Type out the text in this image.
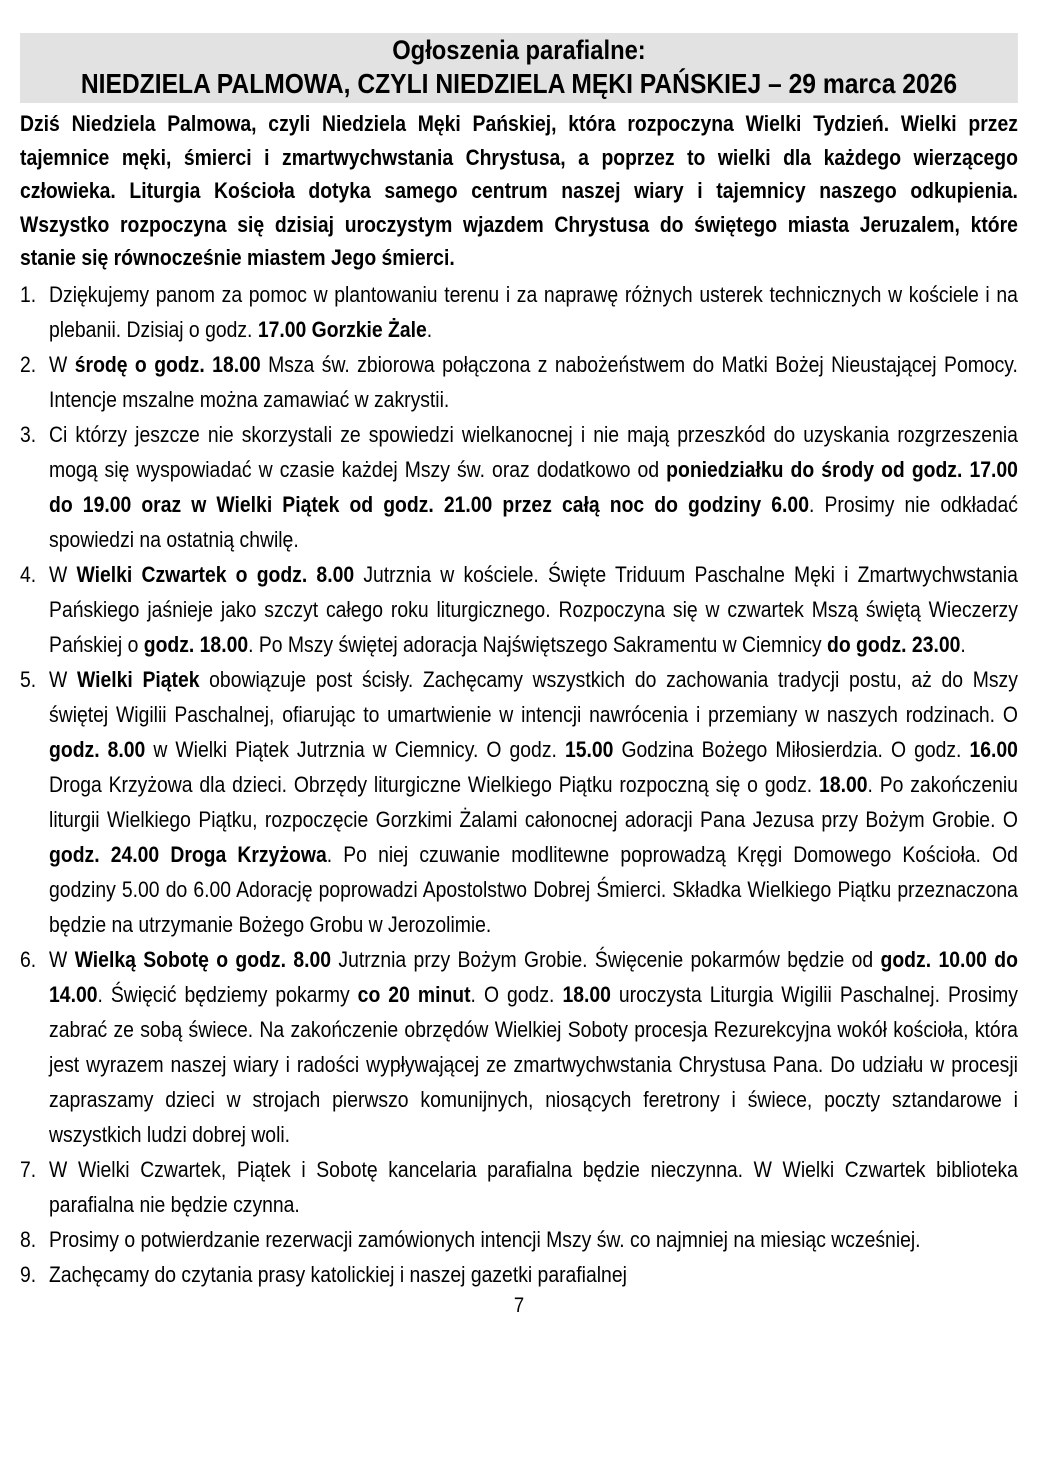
Ogłoszenia parafialne:
NIEDZIELA PALMOWA, CZYLI NIEDZIELA MĘKI PAŃSKIEJ – 29 marca 2026

Dziś Niedziela Palmowa, czyli Niedziela Męki Pańskiej, która rozpoczyna Wielki Tydzień. Wielki przez tajemnice męki, śmierci i zmartwychwstania Chrystusa, a poprzez to wielki dla każdego wierzącego człowieka. Liturgia Kościoła dotyka samego centrum naszej wiary i tajemnicy naszego odkupienia. Wszystko rozpoczyna się dzisiaj uroczystym wjazdem Chrystusa do świętego miasta Jeruzalem, które stanie się równocześnie miastem Jego śmierci.

1. Dziękujemy panom za pomoc w plantowaniu terenu i za naprawę różnych usterek technicznych w kościele i na plebanii. Dzisiaj o godz. 17.00 Gorzkie Żale.
2. W środę o godz. 18.00 Msza św. zbiorowa połączona z nabożeństwem do Matki Bożej Nieustającej Pomocy. Intencje mszalne można zamawiać w zakrystii.
3. Ci którzy jeszcze nie skorzystali ze spowiedzi wielkanocnej i nie mają przeszkód do uzyskania rozgrzeszenia mogą się wyspowiadać w czasie każdej Mszy św. oraz dodatkowo od poniedziałku do środy od godz. 17.00 do 19.00 oraz w Wielki Piątek od godz. 21.00 przez całą noc do godziny 6.00. Prosimy nie odkładać spowiedzi na ostatnią chwilę.
4. W Wielki Czwartek o godz. 8.00 Jutrznia w kościele. Święte Triduum Paschalne Męki i Zmartwychwstania Pańskiego jaśnieje jako szczyt całego roku liturgicznego. Rozpoczyna się w czwartek Mszą świętą Wieczerzy Pańskiej o godz. 18.00. Po Mszy świętej adoracja Najświętszego Sakramentu w Ciemnicy do godz. 23.00.
5. W Wielki Piątek obowiązuje post ścisły. Zachęcamy wszystkich do zachowania tradycji postu, aż do Mszy świętej Wigilii Paschalnej, ofiarując to umartwienie w intencji nawrócenia i przemiany w naszych rodzinach. O godz. 8.00 w Wielki Piątek Jutrznia w Ciemnicy. O godz. 15.00 Godzina Bożego Miłosierdzia. O godz. 16.00 Droga Krzyżowa dla dzieci. Obrzędy liturgiczne Wielkiego Piątku rozpoczną się o godz. 18.00. Po zakończeniu liturgii Wielkiego Piątku, rozpoczęcie Gorzkimi Żalami całonocnej adoracji Pana Jezusa przy Bożym Grobie. O godz. 24.00 Droga Krzyżowa. Po niej czuwanie modlitewne poprowadzą Kręgi Domowego Kościoła. Od godziny 5.00 do 6.00 Adorację poprowadzi Apostolstwo Dobrej Śmierci. Składka Wielkiego Piątku przeznaczona będzie na utrzymanie Bożego Grobu w Jerozolimie.
6. W Wielką Sobotę o godz. 8.00 Jutrznia przy Bożym Grobie. Święcenie pokarmów będzie od godz. 10.00 do 14.00. Święcić będziemy pokarmy co 20 minut. O godz. 18.00 uroczysta Liturgia Wigilii Paschalnej. Prosimy zabrać ze sobą świece. Na zakończenie obrzędów Wielkiej Soboty procesja Rezurekcyjna wokół kościoła, która jest wyrazem naszej wiary i radości wypływającej ze zmartwychwstania Chrystusa Pana. Do udziału w procesji zapraszamy dzieci w strojach pierwszo komunijnych, niosących feretrony i świece, poczty sztandarowe i wszystkich ludzi dobrej woli.
7. W Wielki Czwartek, Piątek i Sobotę kancelaria parafialna będzie nieczynna. W Wielki Czwartek biblioteka parafialna nie będzie czynna.
8. Prosimy o potwierdzanie rezerwacji zamówionych intencji Mszy św. co najmniej na miesiąc wcześniej.
9. Zachęcamy do czytania prasy katolickiej i naszej gazetki parafialnej
7
